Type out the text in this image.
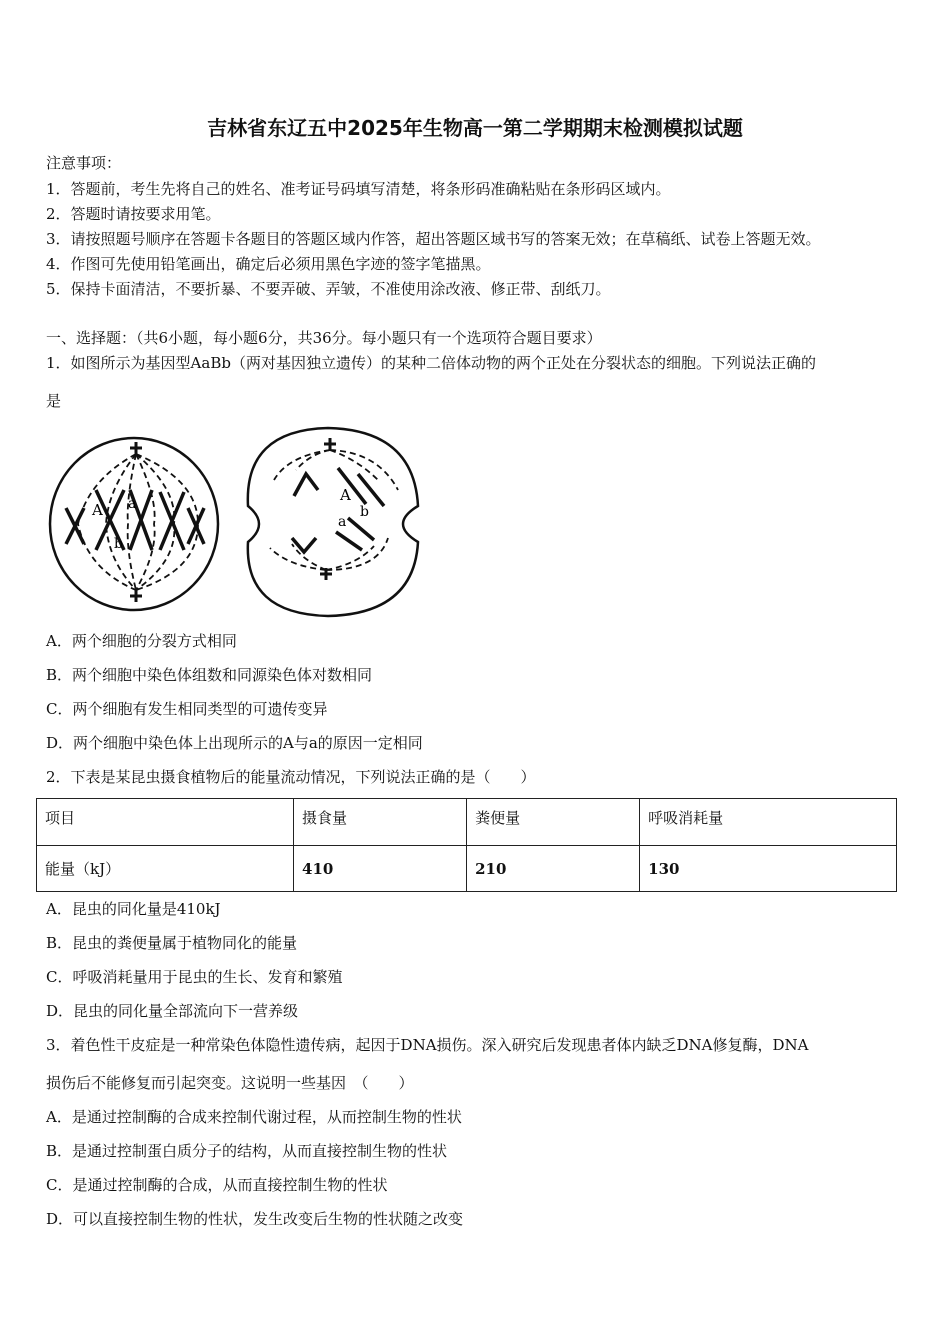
吉林省东辽五中2025年生物高一第二学期期末检测模拟试题
注意事项：
1．答题前，考生先将自己的姓名、准考证号码填写清楚，将条形码准确粘贴在条形码区域内。
2．答题时请按要求用笔。
3．请按照题号顺序在答题卡各题目的答题区域内作答，超出答题区域书写的答案无效；在草稿纸、试卷上答题无效。
4．作图可先使用铅笔画出，确定后必须用黑色字迹的签字笔描黑。
5．保持卡面清洁，不要折暴、不要弄破、弄皱，不准使用涂改液、修正带、刮纸刀。
一、选择题：（共6小题，每小题6分，共36分。每小题只有一个选项符合题目要求）
1．如图所示为基因型AaBb（两对基因独立遗传）的某种二倍体动物的两个正处在分裂状态的细胞。下列说法正确的
是
A a
b
A
a
b
A．两个细胞的分裂方式相同
B．两个细胞中染色体组数和同源染色体对数相同
C．两个细胞有发生相同类型的可遗传变异
D．两个细胞中染色体上出现所示的A与a的原因一定相同
2．下表是某昆虫摄食植物后的能量流动情况，下列说法正确的是（　　）
项目	摄食量	粪便量	呼吸消耗量
能量（kJ）	410	210	130
A．昆虫的同化量是410kJ
B．昆虫的粪便量属于植物同化的能量
C．呼吸消耗量用于昆虫的生长、发育和繁殖
D．昆虫的同化量全部流向下一营养级
3．着色性干皮症是一种常染色体隐性遗传病，起因于DNA损伤。深入研究后发现患者体内缺乏DNA修复酶，DNA
损伤后不能修复而引起突变。这说明一些基因　（　　）
A．是通过控制酶的合成来控制代谢过程，从而控制生物的性状
B．是通过控制蛋白质分子的结构，从而直接控制生物的性状
C．是通过控制酶的合成，从而直接控制生物的性状
D．可以直接控制生物的性状，发生改变后生物的性状随之改变
